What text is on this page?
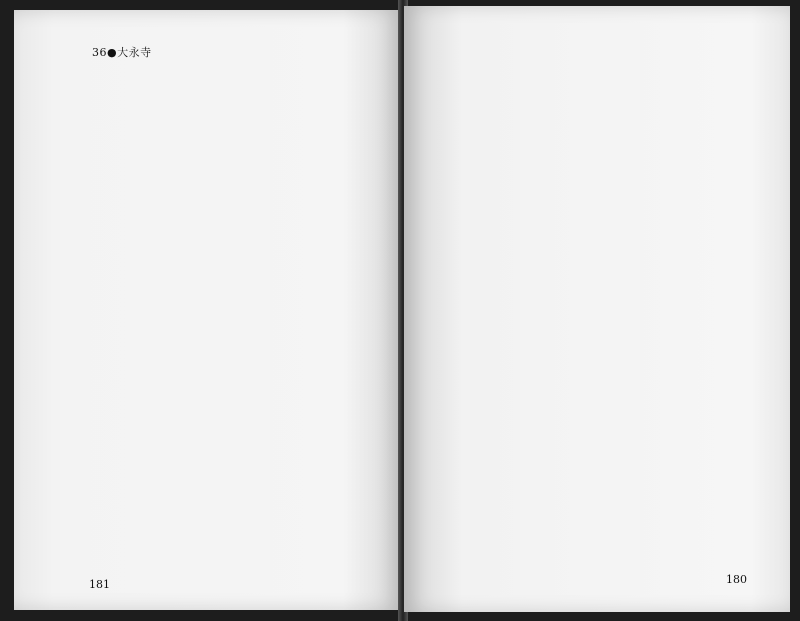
36●大永寺
181	180
